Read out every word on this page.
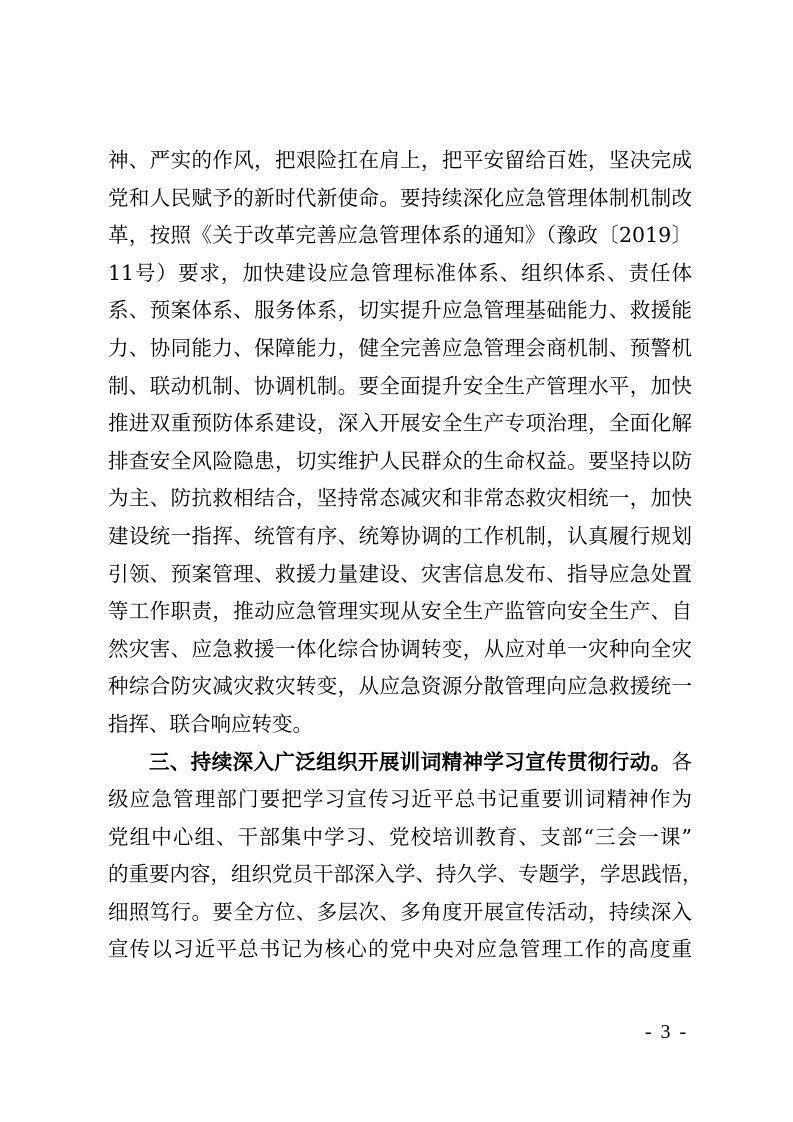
神、严实的作风，把艰险扛在肩上，把平安留给百姓，坚决完成
党和人民赋予的新时代新使命。要持续深化应急管理体制机制改
革，按照《关于改革完善应急管理体系的通知》（豫政〔2019〕
11号）要求，加快建设应急管理标准体系、组织体系、责任体
系、预案体系、服务体系，切实提升应急管理基础能力、救援能
力、协同能力、保障能力，健全完善应急管理会商机制、预警机
制、联动机制、协调机制。要全面提升安全生产管理水平，加快
推进双重预防体系建设，深入开展安全生产专项治理，全面化解
排查安全风险隐患，切实维护人民群众的生命权益。要坚持以防
为主、防抗救相结合，坚持常态减灾和非常态救灾相统一，加快
建设统一指挥、统管有序、统筹协调的工作机制，认真履行规划
引领、预案管理、救援力量建设、灾害信息发布、指导应急处置
等工作职责，推动应急管理实现从安全生产监管向安全生产、自
然灾害、应急救援一体化综合协调转变，从应对单一灾种向全灾
种综合防灾减灾救灾转变，从应急资源分散管理向应急救援统一
指挥、联合响应转变。
三、持续深入广泛组织开展训词精神学习宣传贯彻行动。各
级应急管理部门要把学习宣传习近平总书记重要训词精神作为
党组中心组、干部集中学习、党校培训教育、支部“三会一课”
的重要内容，组织党员干部深入学、持久学、专题学，学思践悟，
细照笃行。要全方位、多层次、多角度开展宣传活动，持续深入
宣传以习近平总书记为核心的党中央对应急管理工作的高度重
- 3 -
